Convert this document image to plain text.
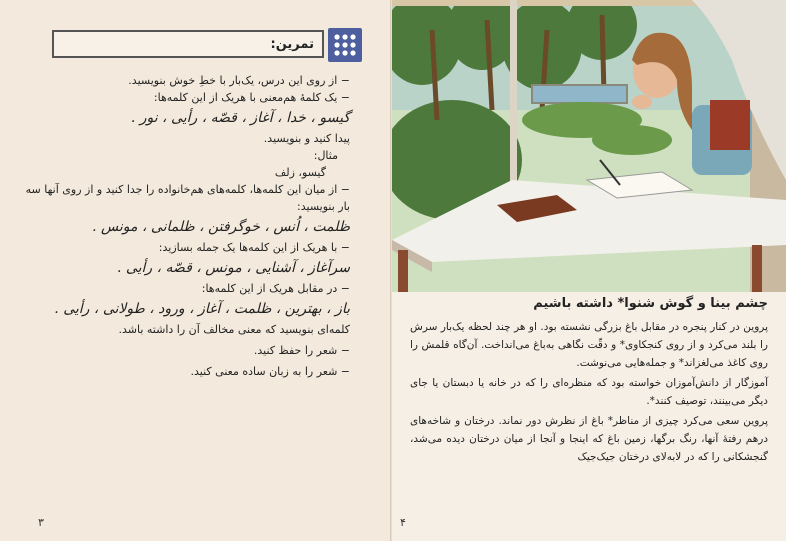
تمرین:
− از روی این درس، یک‌بار با خطِ خوش بنویسید.
− یک کلمهٔ هم‌معنی با هریک از این کلمه‌ها:
گیسو ، خدا ، آغاز ، قصّه ، رأیی ، نور .
پیدا کنید و بنویسید.
مثال:
گیسو، زلف
− از میان این کلمه‌ها، کلمه‌های هم‌خانواده را جدا کنید و از روی آنها سه
بار بنویسید:
ظلمت ، اُنس ، خوگرفتن ، ظلمانی ، مونس .
− با هریک از این کلمه‌ها یک جمله بسازید:
سرآغاز ، آشنایی ، مونس ، قصّه ، رأیی .
− در مقابل هریک از این کلمه‌ها:
باز ، بهترین ، ظلمت ، آغاز ، ورود ، طولانی ، رأیی .
کلمه‌ای بنویسید که معنی مخالف آن را داشته باشد.
− شعر را حفظ کنید.
− شعر را به زبان ساده معنی کنید.
۳
چشم بینا و گوش شنوا* داشته باشیم

پروین در کنار پنجره در مقابل باغ بزرگی نشسته بود. او هر چند لحظه یک‌بار سرش را بلند می‌کرد و از روی کنجکاوی* و دقّت نگاهی به‌باغ می‌انداخت. آن‌گاه قلمش را روی کاغذ می‌لغزاند* و جمله‌هایی می‌نوشت.

آموزگار از دانش‌آموزان خواسته بود که منظره‌ای را که در خانه یا دبستان یا جای دیگر می‌بینند، توصیف کنند*.

پروین سعی می‌کرد چیزی از مناظر* باغ از نظرش دور نماند. درختان و شاخه‌های درهم رفتهٔ آنها، رنگ برگها، زمین باغ که اینجا و آنجا از میان درختان دیده می‌شد، گنجشکانی را که در لابه‌لای درختان جیک‌جیک

۴
